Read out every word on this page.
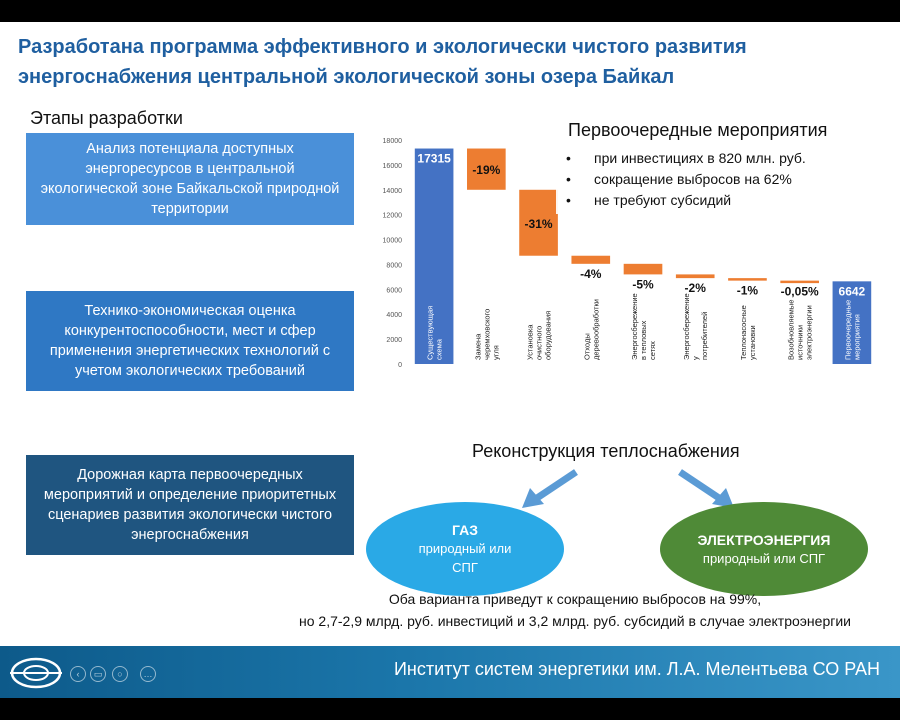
Разработана программа эффективного и экологически чистого развития энергоснабжения центральной экологической зоны озера Байкал
Этапы разработки
Анализ потенциала доступных энергоресурсов в центральной экологической зоне Байкальской природной территории
Технико-экономическая оценка конкурентоспособности, мест и сфер применения энергетических технологий с учетом экологических требований
Дорожная карта первоочередных мероприятий и определение приоритетных сценариев развития экологически чистого энергоснабжения
0
2000
4000
6000
8000
10000
12000
14000
16000
18000
17315
Существующаясхема
-19%
Заменачеремховскогоугля
-31%
Установкаочистногооборудования
-4%
Отходыдеревообработки
-5%
Энергосбережениев тепловыхсетях
-2%
Энергосбережениеупотребителей
-1%
Теплонасосныеустановки
-0,05%
Возобновляемыеисточникиэлектроэнергии
6642
Первоочередныемероприятия
Первоочередные мероприятия
• при инвестициях в 820 млн. руб.
• сокращение выбросов на 62%
• не требуют субсидий
Реконструкция теплоснабжения
ГАЗ
природный или
СПГ
ЭЛЕКТРОЭНЕРГИЯ
природный или СПГ
Оба варианта приведут к сокращению выбросов на 99%,
но 2,7-2,9 млрд. руб. инвестиций и 3,2 млрд. руб. субсидий в случае электроэнергии
‹	▭	○	…	Институт систем энергетики им. Л.А. Мелентьева СО РАН
